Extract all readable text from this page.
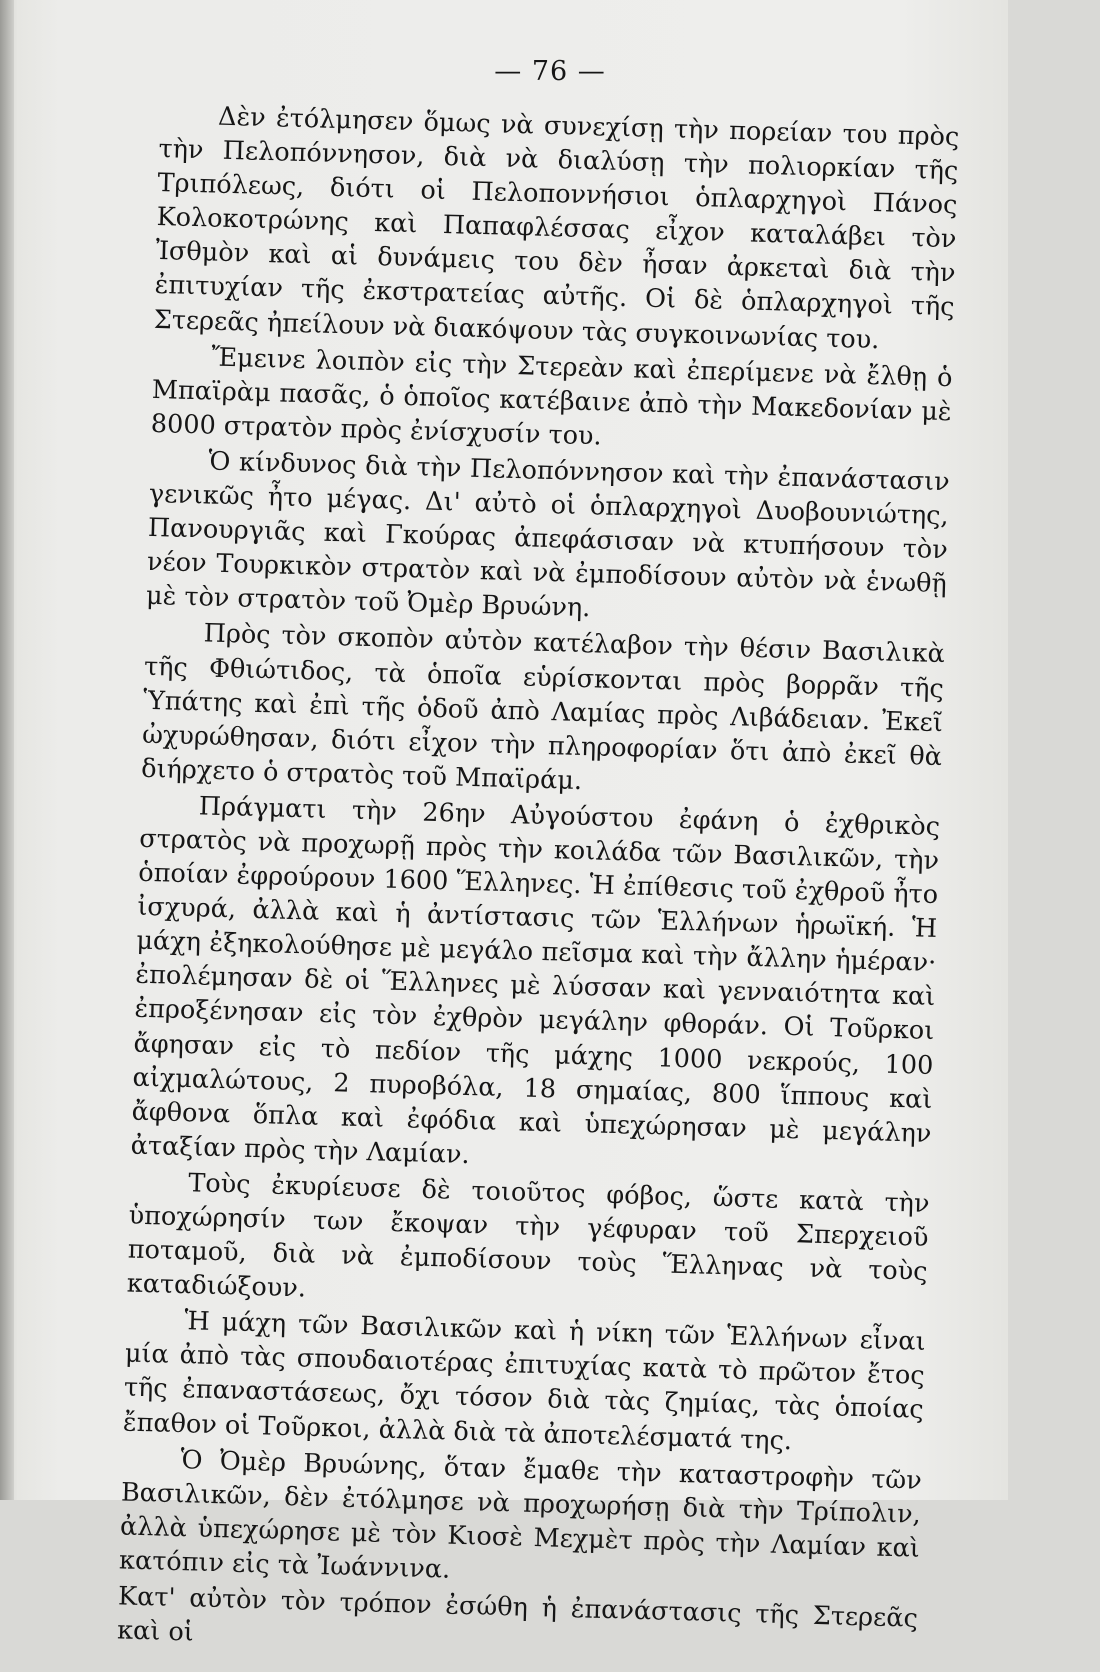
— 76 —

Δὲν ἐτόλμησεν ὅμως νὰ συνεχίσῃ τὴν πορείαν του πρὸς τὴν Πελοπόννησον, διὰ νὰ διαλύσῃ τὴν πολιορκίαν τῆς Τριπόλεως, διότι οἱ Πελοποννήσιοι ὁπλαρχηγοὶ Πάνος Κολοκοτρώνης καὶ Παπαφλέσσας εἶχον καταλάβει τὸν Ἰσθμὸν καὶ αἱ δυνάμεις του δὲν ἦσαν ἀρκεταὶ διὰ τὴν ἐπιτυχίαν τῆς ἐκστρατείας αὐτῆς. Οἱ δὲ ὁπλαρχηγοὶ τῆς Στερεᾶς ἠπείλουν νὰ διακόψουν τὰς συγκοινωνίας του.

Ἔμεινε λοιπὸν εἰς τὴν Στερεὰν καὶ ἐπερίμενε νὰ ἔλθῃ ὁ Μπαϊρὰμ πασᾶς, ὁ ὁποῖος κατέβαινε ἀπὸ τὴν Μακεδονίαν μὲ 8000 στρατὸν πρὸς ἐνίσχυσίν του.

Ὁ κίνδυνος διὰ τὴν Πελοπόννησον καὶ τὴν ἐπανάστασιν γενικῶς ἦτο μέγας. Δι' αὐτὸ οἱ ὁπλαρχηγοὶ Δυοβουνιώτης, Πανουργιᾶς καὶ Γκούρας ἀπεφάσισαν νὰ κτυπήσουν τὸν νέον Τουρκικὸν στρατὸν καὶ νὰ ἐμποδίσουν αὐτὸν νὰ ἑνωθῇ μὲ τὸν στρατὸν τοῦ Ὀμὲρ Βρυώνη.

Πρὸς τὸν σκοπὸν αὐτὸν κατέλαβον τὴν θέσιν Βασιλικὰ τῆς Φθιώτιδος, τὰ ὁποῖα εὑρίσκονται πρὸς βορρᾶν τῆς Ὑπάτης καὶ ἐπὶ τῆς ὁδοῦ ἀπὸ Λαμίας πρὸς Λιβάδειαν. Ἐκεῖ ὠχυρώθησαν, διότι εἶχον τὴν πληροφορίαν ὅτι ἀπὸ ἐκεῖ θὰ διήρχετο ὁ στρατὸς τοῦ Μπαϊράμ.

Πράγματι τὴν 26ην Αὐγούστου ἐφάνη ὁ ἐχθρικὸς στρατὸς νὰ προχωρῇ πρὸς τὴν κοιλάδα τῶν Βασιλικῶν, τὴν ὁποίαν ἐφρούρουν 1600 Ἕλληνες. Ἡ ἐπίθεσις τοῦ ἐχθροῦ ἦτο ἰσχυρά, ἀλλὰ καὶ ἡ ἀντίστασις τῶν Ἑλλήνων ἡρωϊκή. Ἡ μάχη ἐξηκολούθησε μὲ μεγάλο πεῖσμα καὶ τὴν ἄλλην ἡμέραν· ἐπολέμησαν δὲ οἱ Ἕλληνες μὲ λύσσαν καὶ γενναιότητα καὶ ἐπροξένησαν εἰς τὸν ἐχθρὸν μεγάλην φθοράν. Οἱ Τοῦρκοι ἄφησαν εἰς τὸ πεδίον τῆς μάχης 1000 νεκρούς, 100 αἰχμαλώτους, 2 πυροβόλα, 18 σημαίας, 800 ἵππους καὶ ἄφθονα ὅπλα καὶ ἐφόδια καὶ ὑπεχώρησαν μὲ μεγάλην ἀταξίαν πρὸς τὴν Λαμίαν.

Τοὺς ἐκυρίευσε δὲ τοιοῦτος φόβος, ὥστε κατὰ τὴν ὑποχώρησίν των ἔκοψαν τὴν γέφυραν τοῦ Σπερχειοῦ ποταμοῦ, διὰ νὰ ἐμποδίσουν τοὺς Ἕλληνας νὰ τοὺς καταδιώξουν.

Ἡ μάχη τῶν Βασιλικῶν καὶ ἡ νίκη τῶν Ἑλλήνων εἶναι μία ἀπὸ τὰς σπουδαιοτέρας ἐπιτυχίας κατὰ τὸ πρῶτον ἔτος τῆς ἐπαναστάσεως, ὄχι τόσον διὰ τὰς ζημίας, τὰς ὁποίας ἔπαθον οἱ Τοῦρκοι, ἀλλὰ διὰ τὰ ἀποτελέσματά της.

Ὁ Ὀμὲρ Βρυώνης, ὅταν ἔμαθε τὴν καταστροφὴν τῶν Βασιλικῶν, δὲν ἐτόλμησε νὰ προχωρήσῃ διὰ τὴν Τρίπολιν, ἀλλὰ ὑπεχώρησε μὲ τὸν Κιοσὲ Μεχμὲτ πρὸς τὴν Λαμίαν καὶ κατόπιν εἰς τὰ Ἰωάννινα.

Κατ' αὐτὸν τὸν τρόπον ἐσώθη ἡ ἐπανάστασις τῆς Στερεᾶς καὶ οἱ
